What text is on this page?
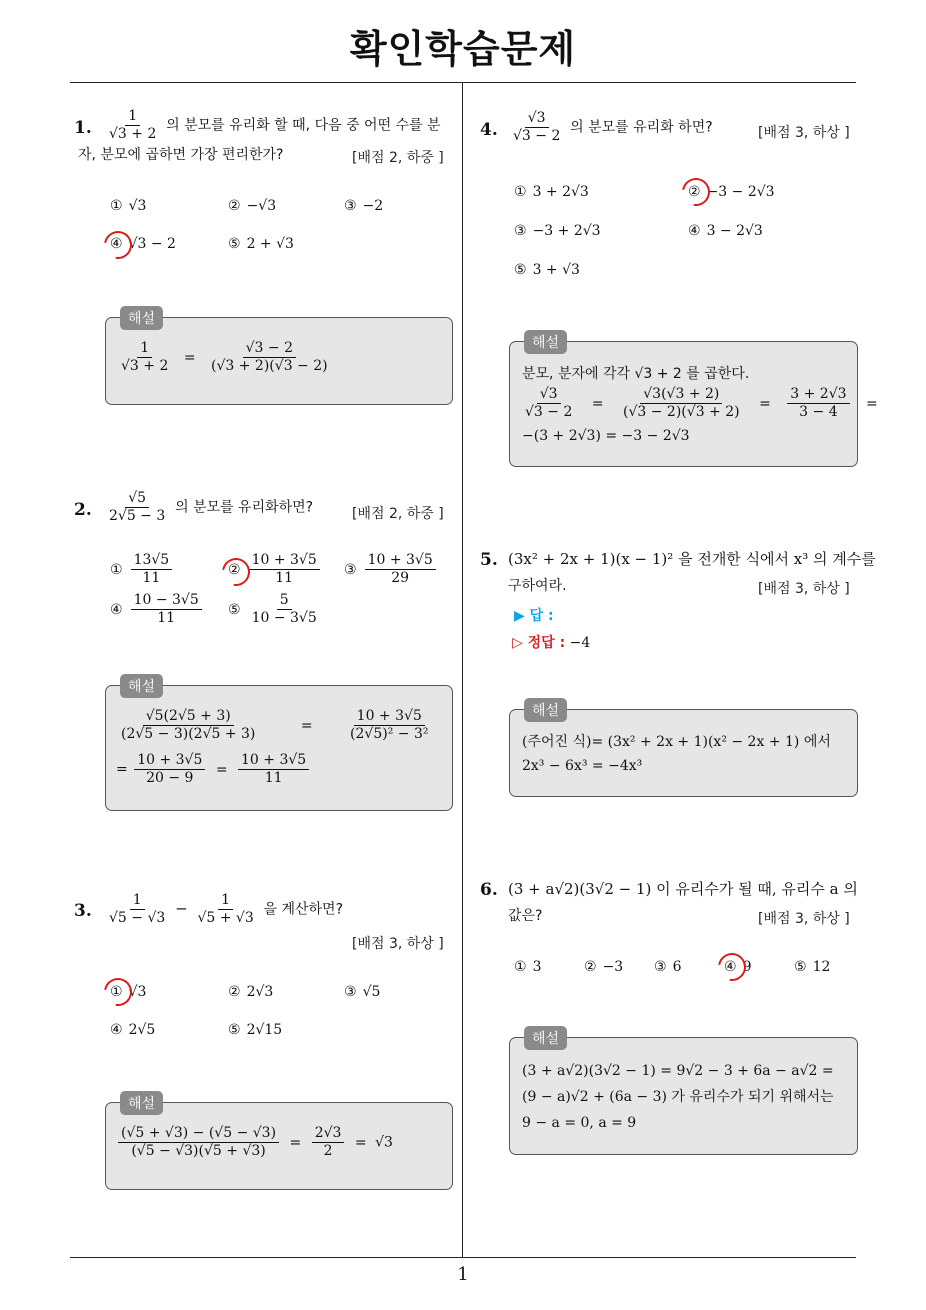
확인학습문제
1
1. $\frac{1}{√3 + 2}$ 의 분모를 유리화 할 때, 다음 중 어떤 수를 분
자, 분모에 곱하면 가장 편리한가?	[배점 2, 하중 ]
① √3	② −√3	③ −2
④ √3 − 2	⑤ 2 + √3
해설
$\frac{1}{√3 + 2} = \frac{√3 - 2}{(√3 + 2)(√3 - 2)}$
2. $\frac{√5}{2√5 - 3}$ 의 분모를 유리화하면?	[배점 2, 하중 ]
① $\frac{13√5}{11}$	② $\frac{10 + 3√5}{11}$ ③ $\frac{10 + 3√5}{29}$
④ $\frac{10 - 3√5}{11}$ ⑤ $\frac{5}{10 - 3√5}$
해설
$\frac{√5(2√5 + 3)}{(2√5 - 3)(2√5 + 3)}$	= $\frac{10 + 3√5}{\text{(2√5)² − 3²}}$
= $\frac{10 + 3√5}{20 - 9} = \frac{10 + 3√5}{11}$
3. $\frac{1}{√5 - √3} - \frac{1}{√5 + √3}$ 을 계산하면?
[배점 3, 하상 ]
① √3	② 2√3	③ √5
④ 2√5	⑤ 2√15
해설
$\frac{(√5 + √3) - (√5 - √3)}{(√5 - √3)(√5 + √3)} = \frac{2√3}{2} = √3$
4. $\frac{√3}{√3 - 2}$ 의 분모를 유리화 하면?	[배점 3, 하상 ]
① 3 + 2√3	② −3 − 2√3
③ −3 + 2√3	④ 3 − 2√3
⑤ 3 + √3
해설
분모, 분자에 각각 √3 + 2 를 곱한다.
$\frac{√3}{√3 - 2} = \frac{√3(√3 + 2)}{(√3 - 2)(√3 + 2)} = \frac{3 + 2√3}{3 - 4}$ =
−(3 + 2√3) = −3 − 2√3
5. (3x² + 2x + 1)(x − 1)² 을 전개한 식에서 x³ 의 계수를
구하여라.	[배점 3, 하상 ]
▶ 답 :
▷ 정답 : −4
해설
(주어진 식)= (3x² + 2x + 1)(x² − 2x + 1) 에서
2x³ − 6x³ = −4x³
6. (3 + a√2)(3√2 − 1) 이 유리수가 될 때, 유리수 a 의
값은?	[배점 3, 하상 ]
① 3	② −3 ③ 6	④ 9	⑤ 12
해설
(3 + a√2)(3√2 − 1) = 9√2 − 3 + 6a − a√2 =
(9 − a)√2 + (6a − 3) 가 유리수가 되기 위해서는
9 − a = 0, a = 9
